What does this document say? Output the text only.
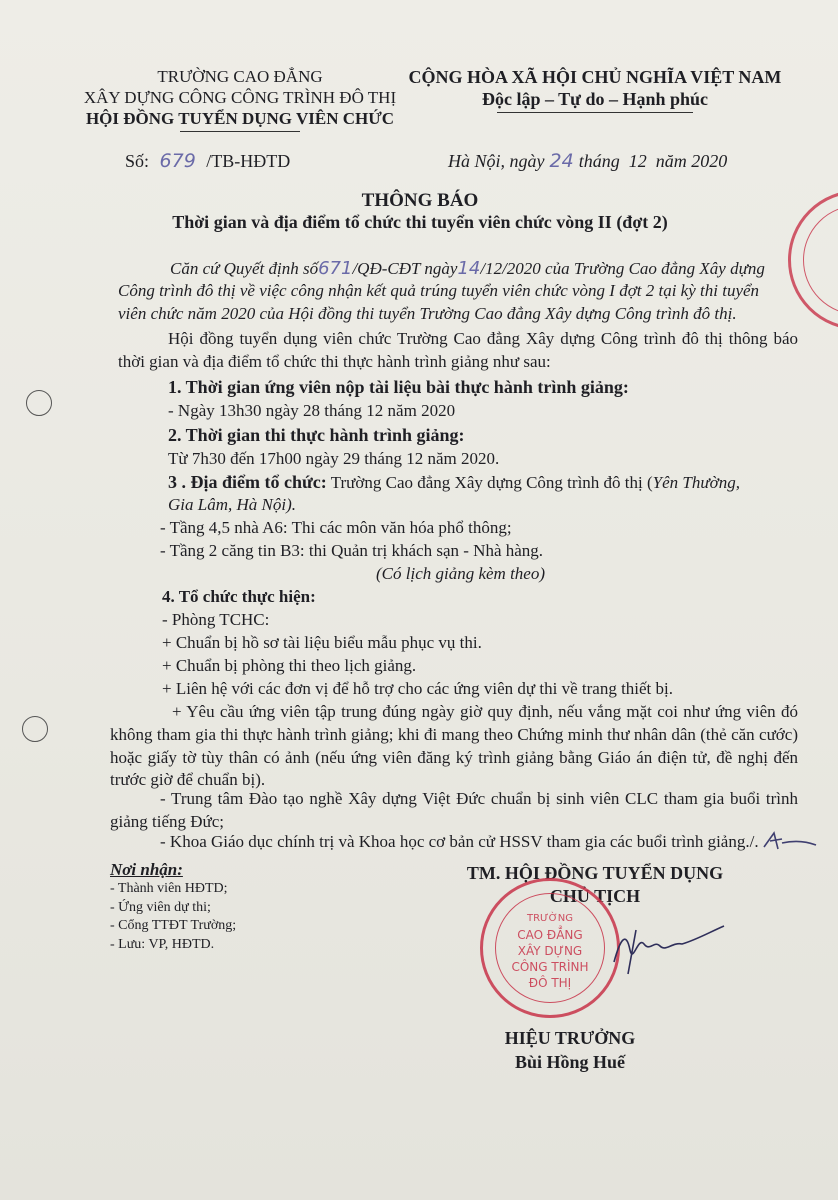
TRƯỜNG CAO ĐẲNG
XÂY DỰNG CÔNG CÔNG TRÌNH ĐÔ THỊ
HỘI ĐỒNG TUYỂN DỤNG VIÊN CHỨC
CỘNG HÒA XÃ HỘI CHỦ NGHĨA VIỆT NAM
Độc lập – Tự do – Hạnh phúc
Số: 679 /TB-HĐTD	Hà Nội, ngày 24 tháng  12  năm 2020
THÔNG BÁO
Thời gian và địa điểm tổ chức thi tuyển viên chức vòng II (đợt 2)
Căn cứ Quyết định số671/QĐ-CĐT ngày14/12/2020 của Trường Cao đẳng Xây dựng
Công trình đô thị về việc công nhận kết quả trúng tuyển viên chức vòng I đợt 2 tại kỳ thi tuyển
viên chức năm 2020 của Hội đồng thi tuyển Trường Cao đẳng Xây dựng Công trình đô thị.
Hội đồng tuyển dụng viên chức Trường Cao đẳng Xây dựng Công trình đô thị thông báo thời gian và địa điểm tổ chức thi thực hành trình giảng như sau:
1. Thời gian ứng viên nộp tài liệu bài thực hành trình giảng:
- Ngày 13h30 ngày 28 tháng 12 năm 2020
2. Thời gian thi thực hành trình giảng:
Từ 7h30 đến 17h00 ngày 29 tháng 12 năm 2020.
3 . Địa điểm tổ chức: Trường Cao đẳng Xây dựng Công trình đô thị (Yên Thường,
Gia Lâm, Hà Nội).
- Tầng 4,5 nhà A6: Thi các môn văn hóa phổ thông;
- Tầng 2 căng tin B3: thi Quản trị khách sạn - Nhà hàng.
(Có lịch giảng kèm theo)
4. Tổ chức thực hiện:
- Phòng TCHC:
+ Chuẩn bị hồ sơ tài liệu biểu mẫu phục vụ thi.
+ Chuẩn bị phòng thi theo lịch giảng.
+ Liên hệ với các đơn vị để hỗ trợ cho các ứng viên dự thi về trang thiết bị.
+ Yêu cầu ứng viên tập trung đúng ngày giờ quy định, nếu vắng mặt coi như ứng viên đó không tham gia thi thực hành trình giảng; khi đi mang theo Chứng minh thư nhân dân (thẻ căn cước) hoặc giấy tờ tùy thân có ảnh (nếu ứng viên đăng ký trình giảng bằng Giáo án điện tử, đề nghị đến trước giờ để chuẩn bị).
- Trung tâm Đào tạo nghề Xây dựng Việt Đức chuẩn bị sinh viên CLC tham gia buổi trình giảng tiếng Đức;
- Khoa Giáo dục chính trị và Khoa học cơ bản cử HSSV tham gia các buổi trình giảng./.
Nơi nhận:
- Thành viên HĐTD;
- Ứng viên dự thi;
- Cổng TTĐT Trường;
- Lưu: VP, HĐTD.
TM. HỘI ĐỒNG TUYỂN DỤNG
CHỦ TỊCH
TRƯỜNG
CAO ĐẲNG
XÂY DỰNG
CÔNG TRÌNH
ĐÔ THỊ
HIỆU TRƯỞNG
Bùi Hồng Huế
